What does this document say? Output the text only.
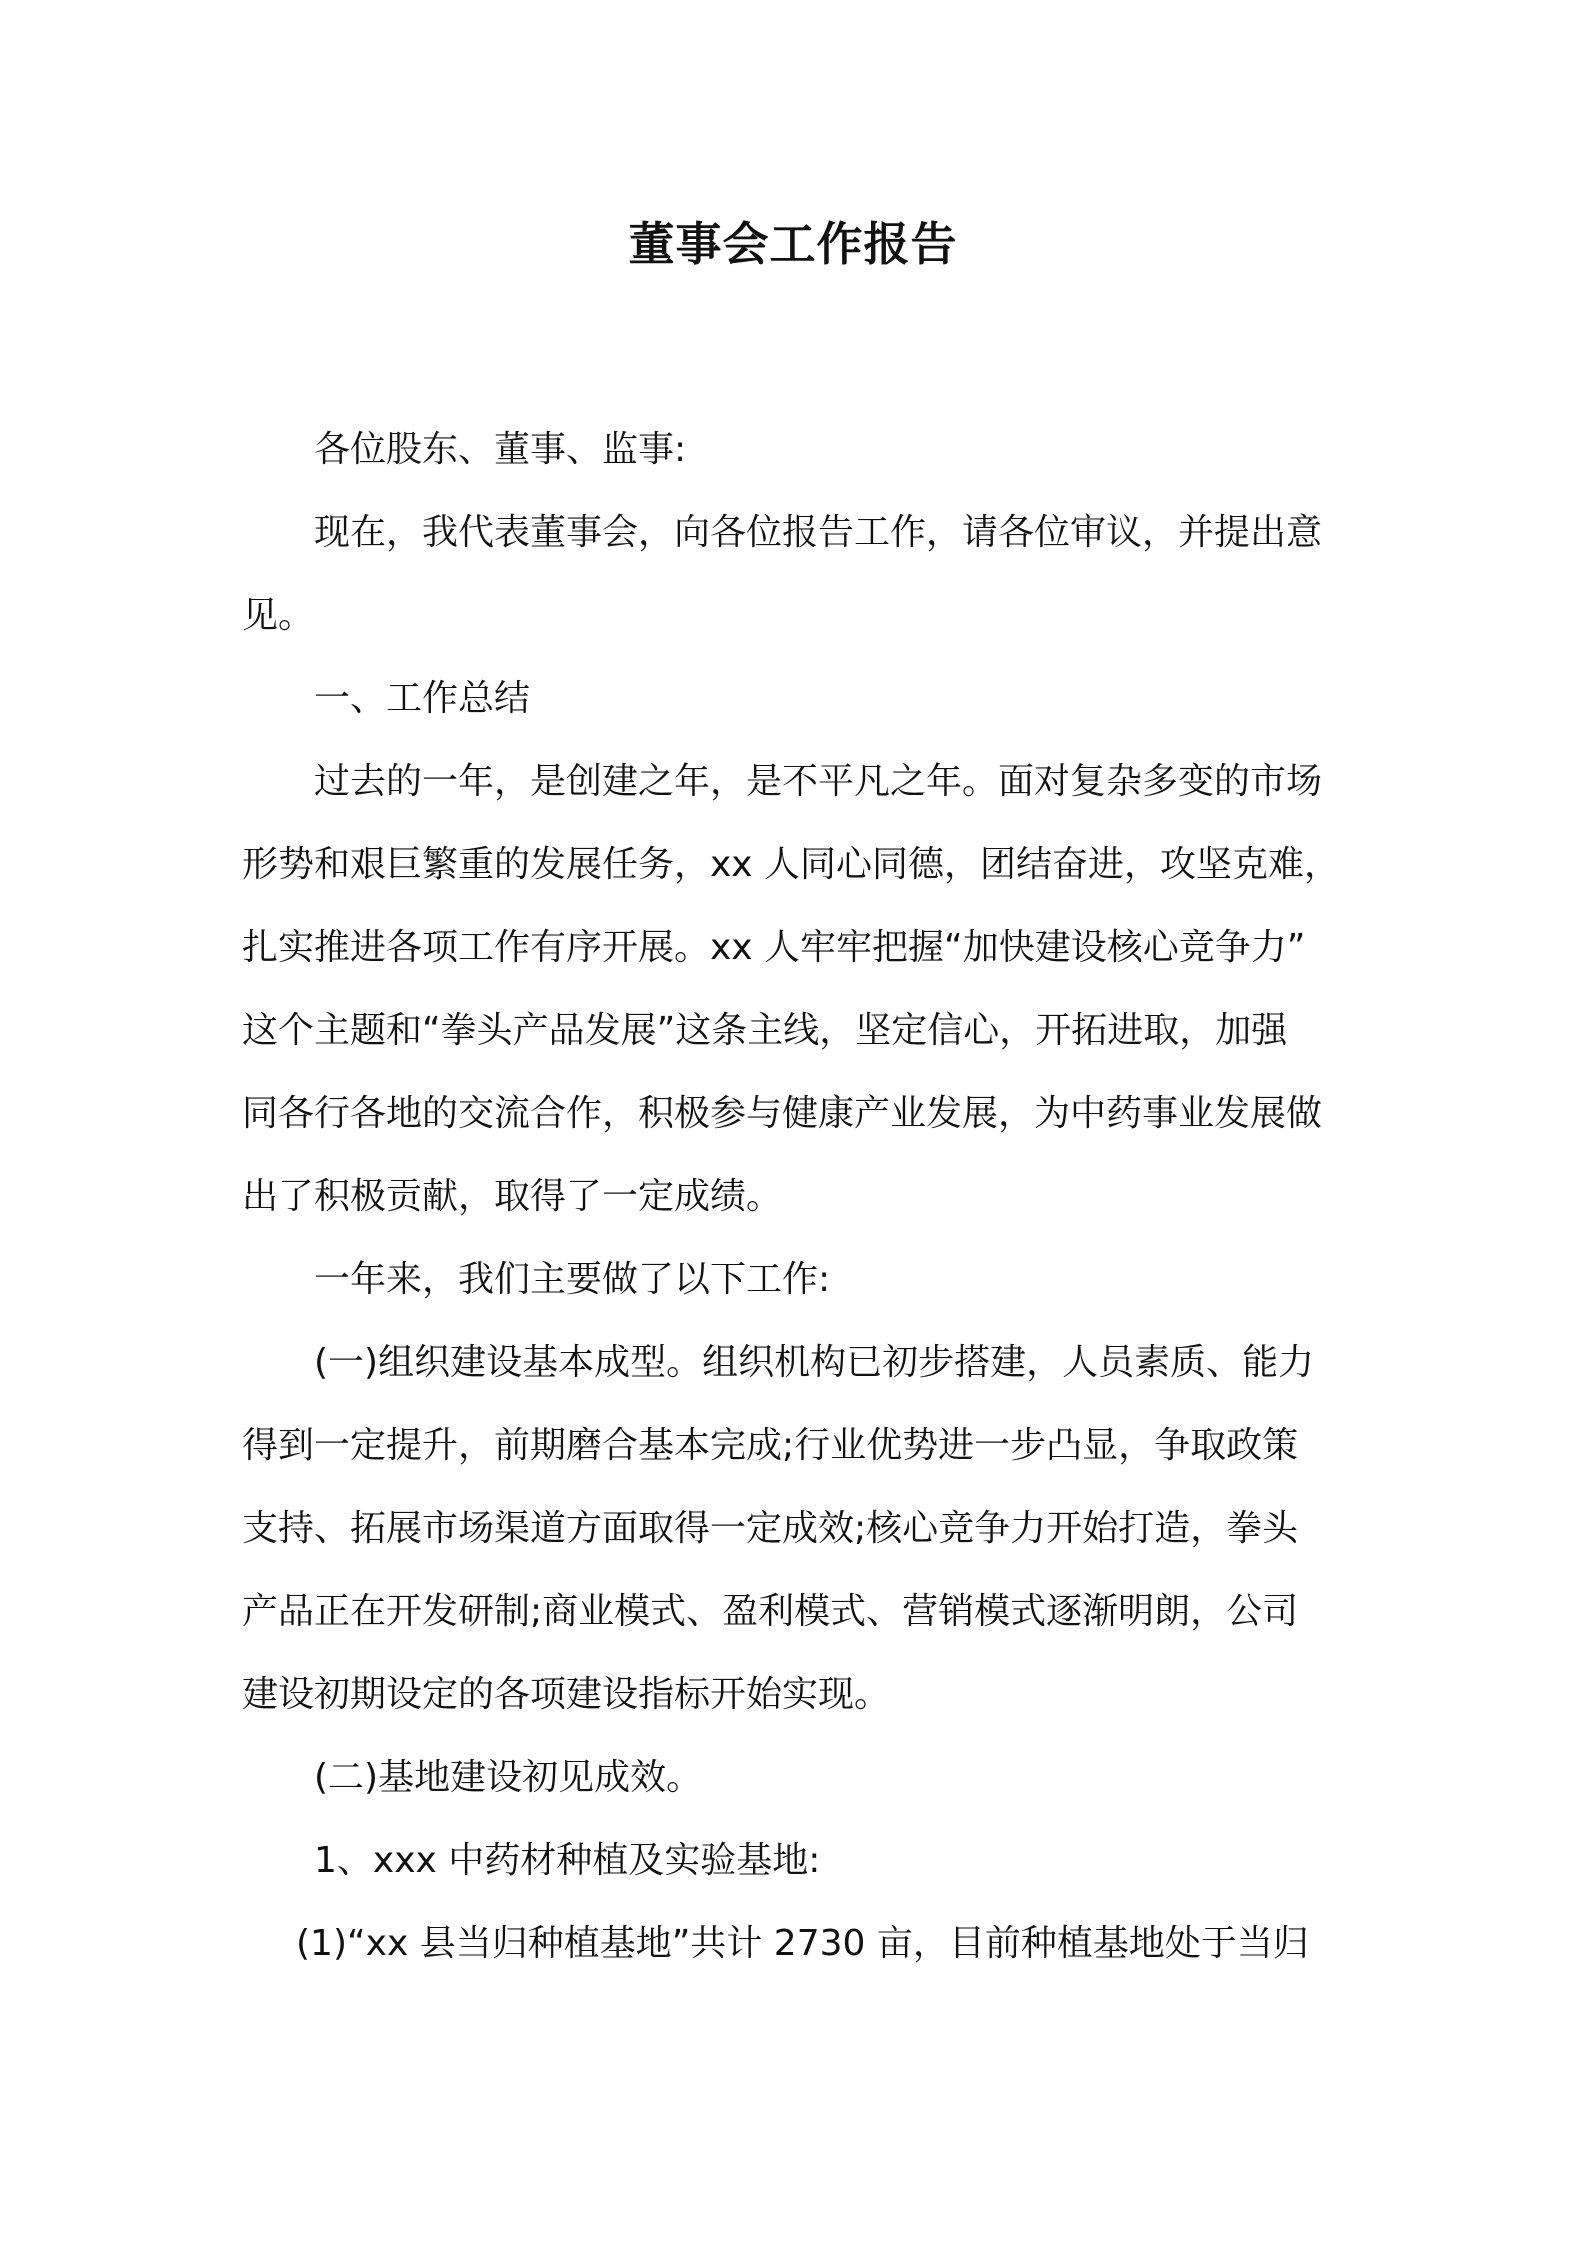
董事会工作报告
各位股东、董事、监事:
现在，我代表董事会，向各位报告工作，请各位审议，并提出意
见。
一、工作总结
过去的一年，是创建之年，是不平凡之年。面对复杂多变的市场
形势和艰巨繁重的发展任务，xx 人同心同德，团结奋进，攻坚克难，
扎实推进各项工作有序开展。xx 人牢牢把握“加快建设核心竞争力”
这个主题和“拳头产品发展”这条主线，坚定信心，开拓进取，加强
同各行各地的交流合作，积极参与健康产业发展，为中药事业发展做
出了积极贡献，取得了一定成绩。
一年来，我们主要做了以下工作:
(一)组织建设基本成型。组织机构已初步搭建，人员素质、能力
得到一定提升，前期磨合基本完成;行业优势进一步凸显，争取政策
支持、拓展市场渠道方面取得一定成效;核心竞争力开始打造，拳头
产品正在开发研制;商业模式、盈利模式、营销模式逐渐明朗，公司
建设初期设定的各项建设指标开始实现。
(二)基地建设初见成效。
1、xxx 中药材种植及实验基地:
(1)“xx 县当归种植基地”共计 2730 亩，目前种植基地处于当归
